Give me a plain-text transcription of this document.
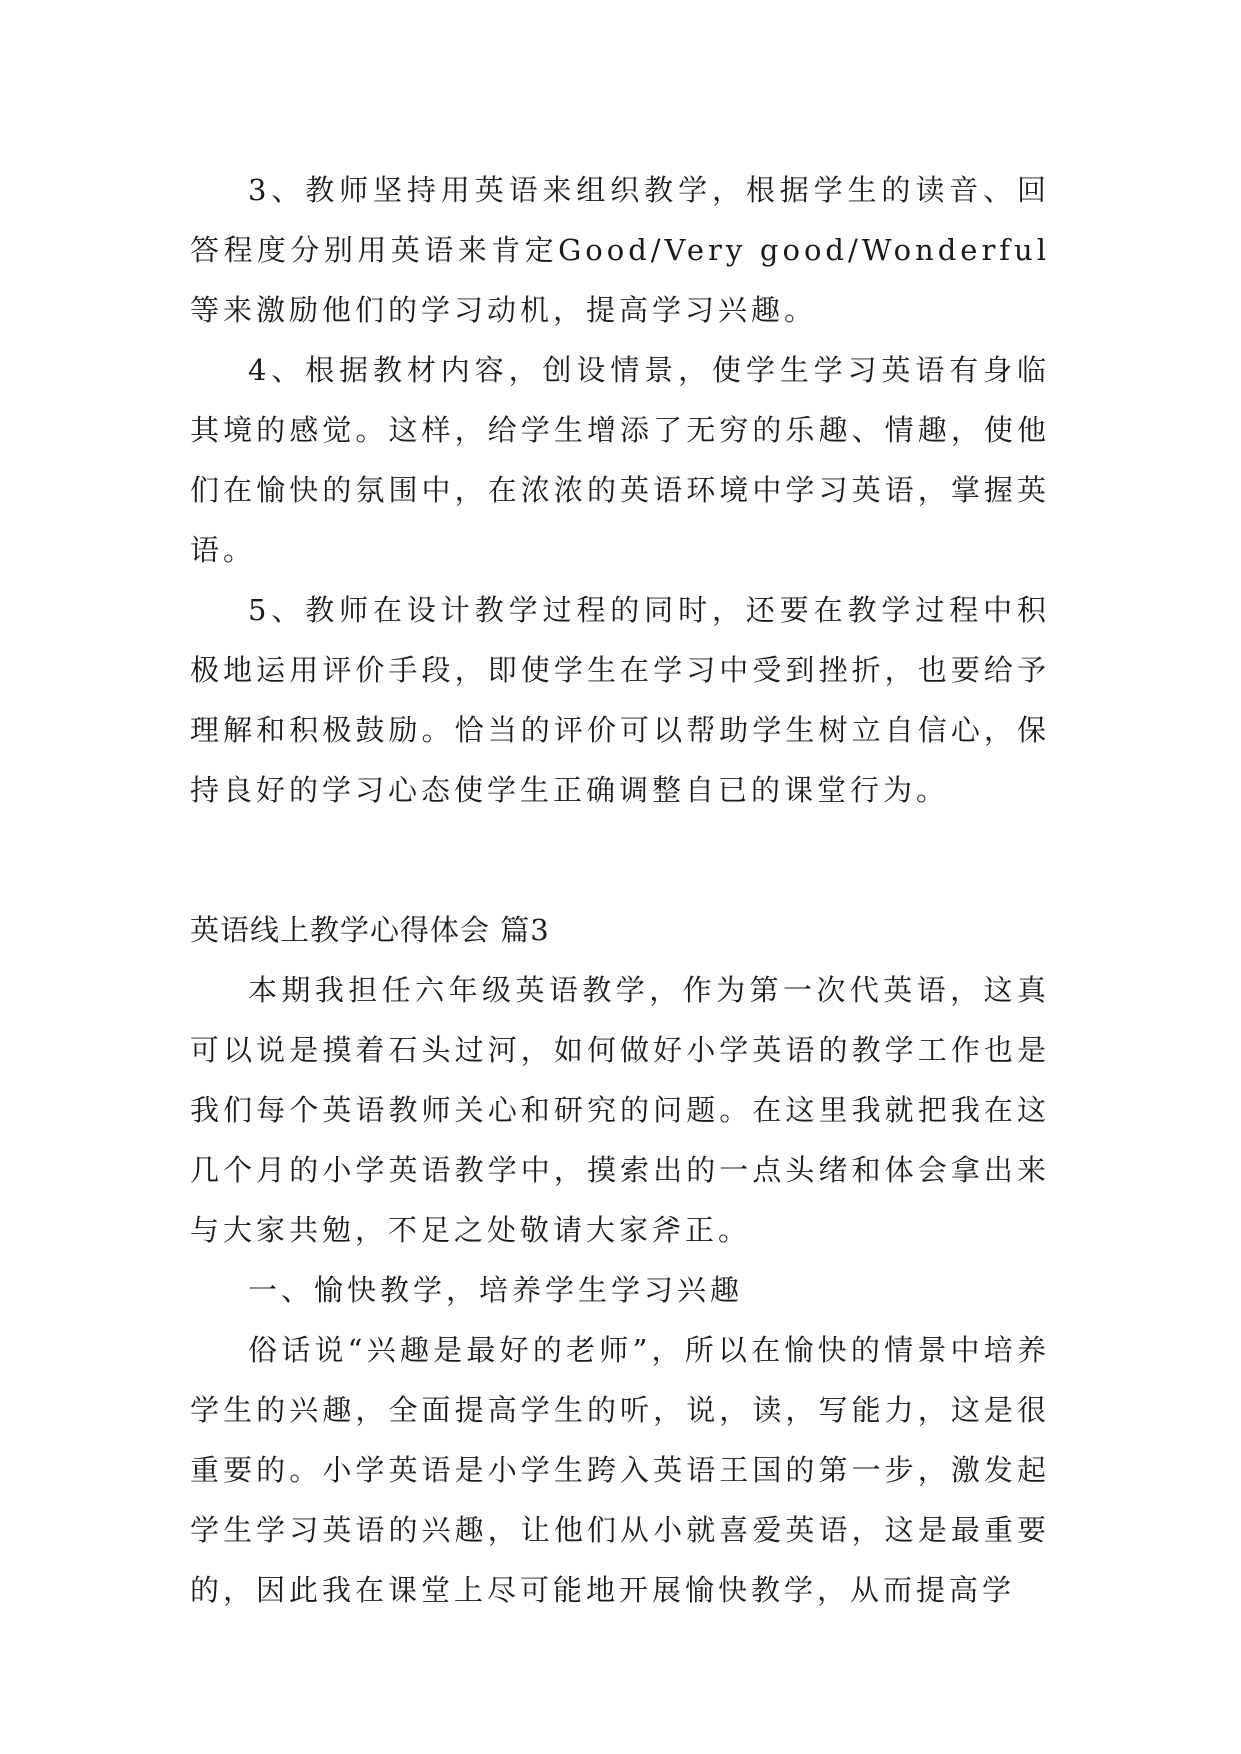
3、教师坚持用英语来组织教学，根据学生的读音、回答程度分别用英语来肯定Good/Very good/Wonderful等来激励他们的学习动机，提高学习兴趣。

4、根据教材内容，创设情景，使学生学习英语有身临其境的感觉。这样，给学生增添了无穷的乐趣、情趣，使他们在愉快的氛围中，在浓浓的英语环境中学习英语，掌握英语。

5、教师在设计教学过程的同时，还要在教学过程中积极地运用评价手段，即使学生在学习中受到挫折，也要给予理解和积极鼓励。恰当的评价可以帮助学生树立自信心，保持良好的学习心态使学生正确调整自已的课堂行为。

英语线上教学心得体会 篇3

本期我担任六年级英语教学，作为第一次代英语，这真可以说是摸着石头过河，如何做好小学英语的教学工作也是我们每个英语教师关心和研究的问题。在这里我就把我在这几个月的小学英语教学中，摸索出的一点头绪和体会拿出来与大家共勉，不足之处敬请大家斧正。

一、愉快教学，培养学生学习兴趣

俗话说“兴趣是最好的老师”，所以在愉快的情景中培养学生的兴趣，全面提高学生的听，说，读，写能力，这是很重要的。小学英语是小学生跨入英语王国的第一步，激发起学生学习英语的兴趣，让他们从小就喜爱英语，这是最重要的，因此我在课堂上尽可能地开展愉快教学，从而提高学
